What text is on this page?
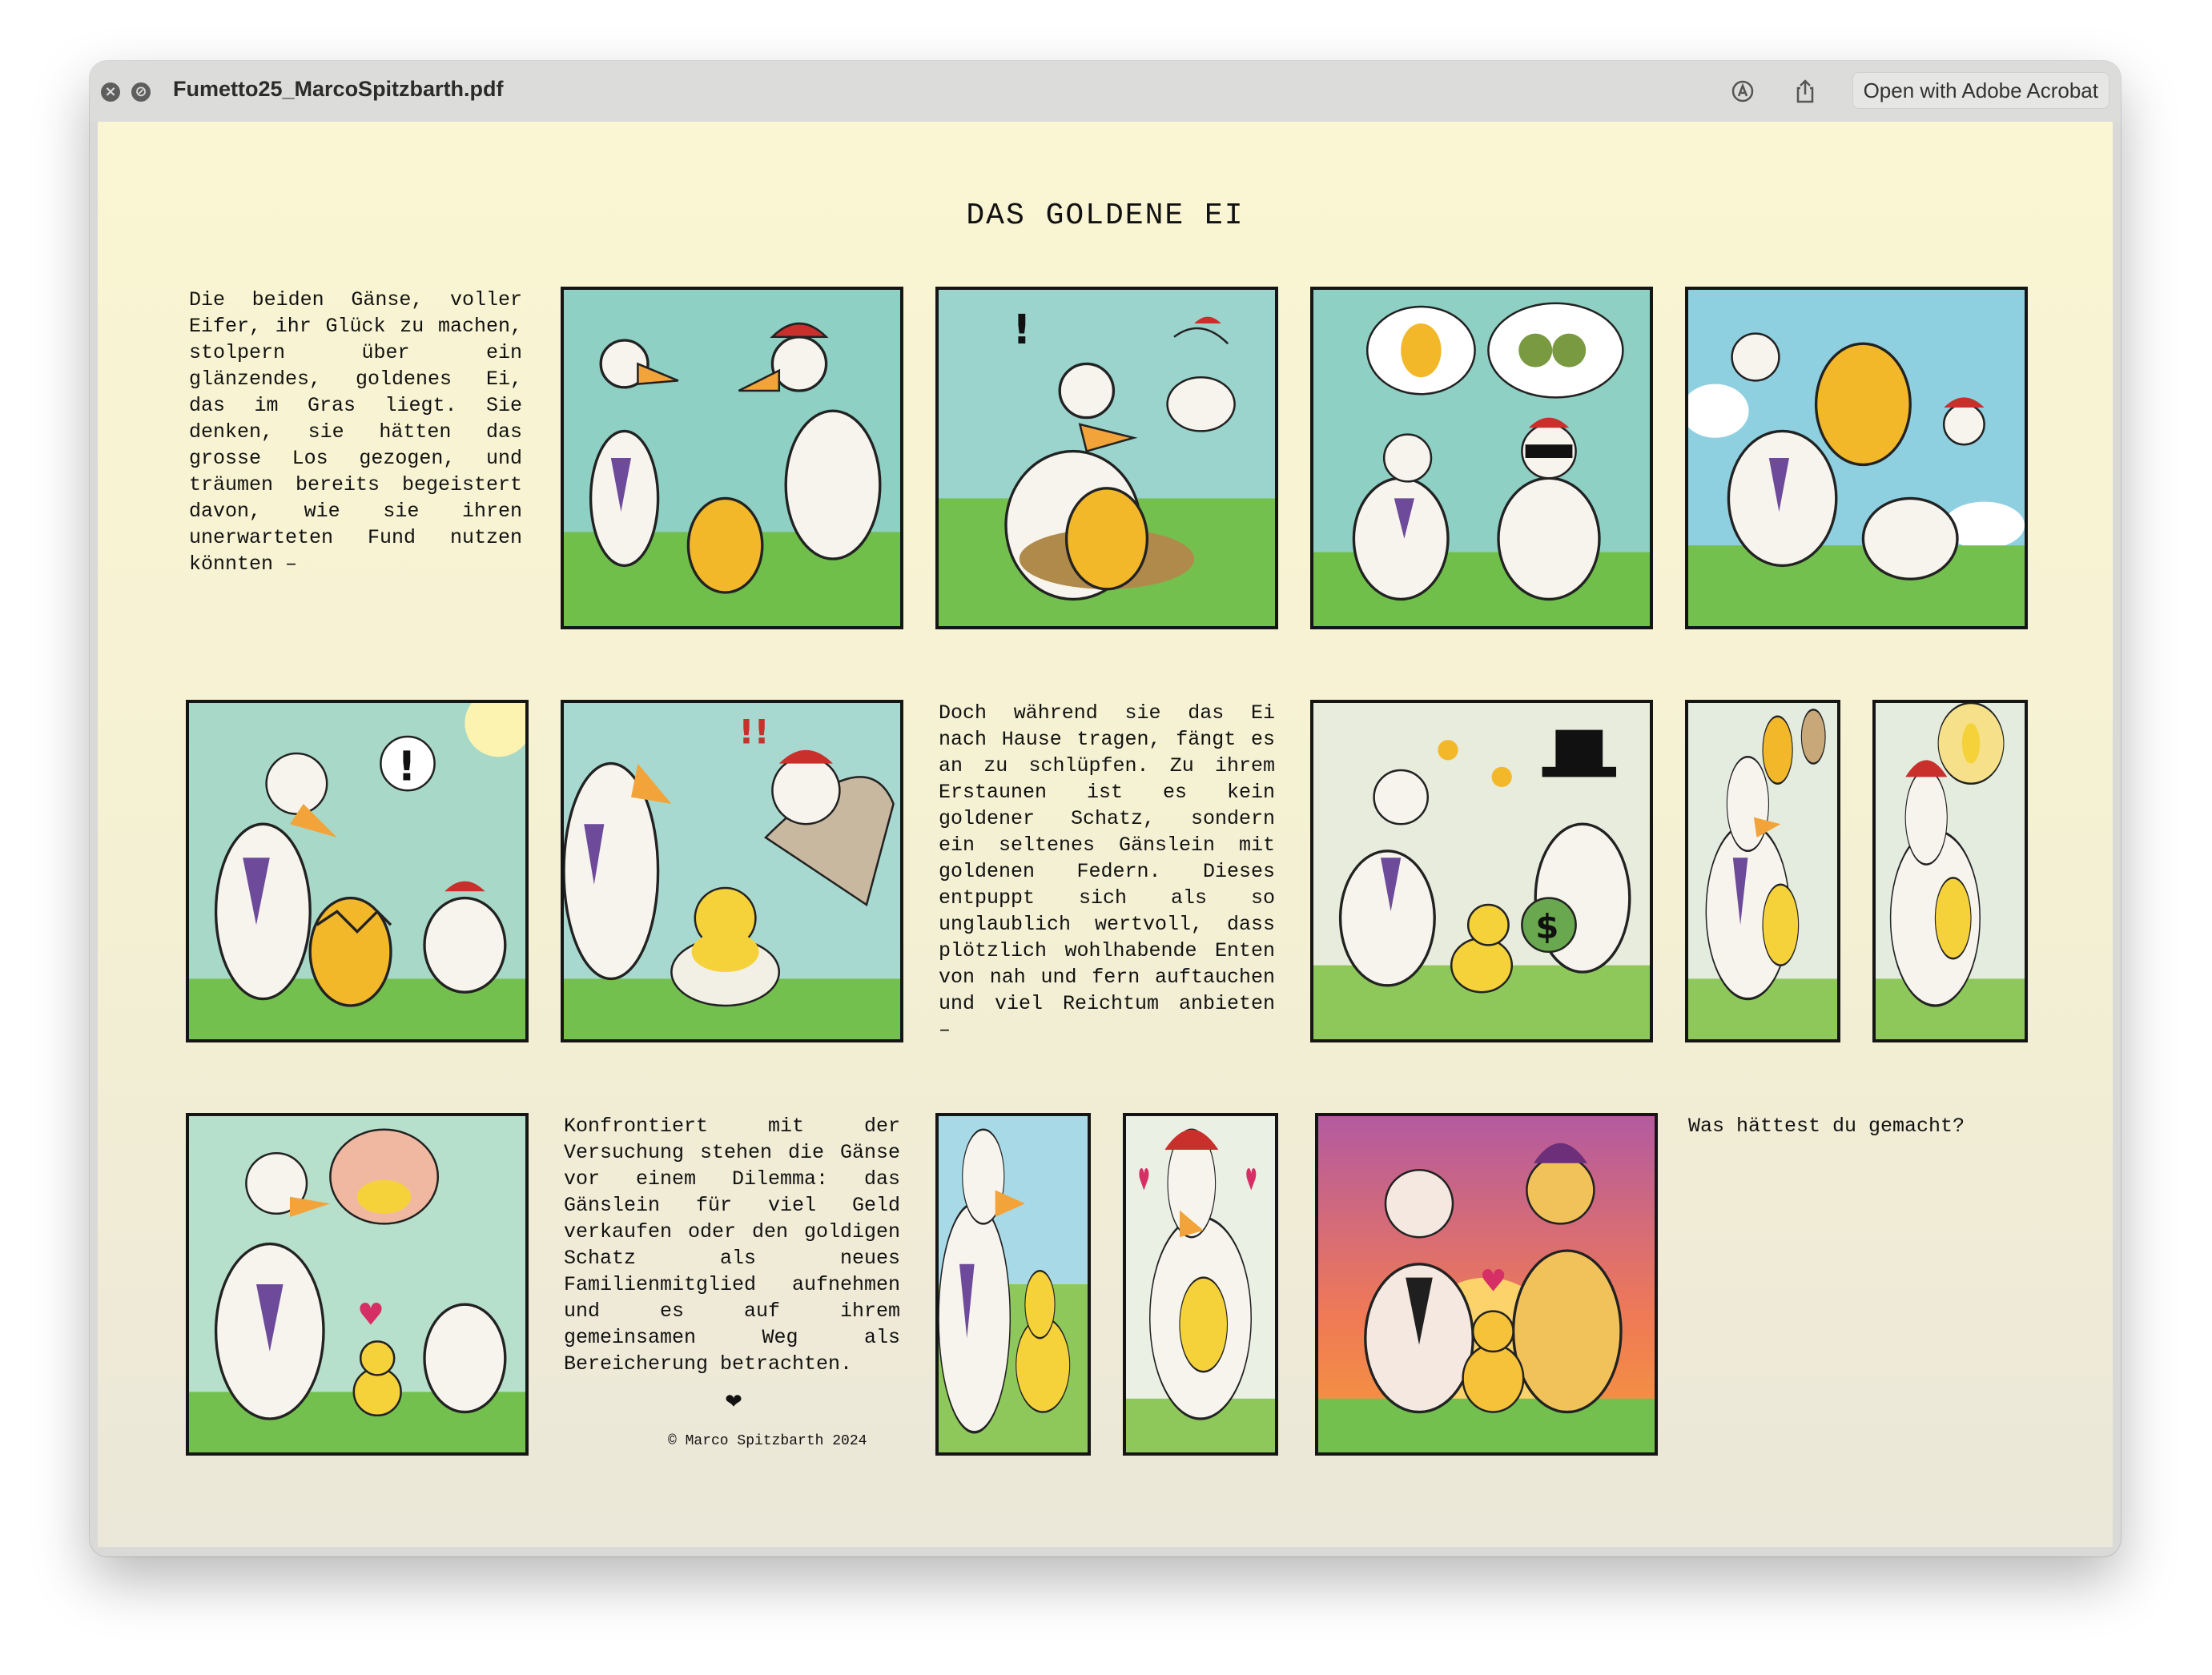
× ⊘ Fumetto25_MarcoSpitzbarth.pdf	Open with Adobe Acrobat
DAS GOLDENE EI
Die beiden Gänse, voller Eifer, ihr Glück zu machen, stolpern über ein glänzendes, goldenes Ei, das im Gras liegt. Sie denken, sie hätten das grosse Los gezogen, und träumen bereits begeistert davon, wie sie ihren unerwarteten Fund nutzen könnten –
!
!
!!	Doch während sie das Ei nach Hause tragen, fängt es an zu schlüpfen. Zu ihrem Erstaunen ist es kein goldener Schatz, sondern ein seltenes Gänslein mit goldenen Federn. Dieses entpuppt sich als so unglaublich wertvoll, dass plötzlich wohlhabende Enten von nah und fern auftauchen und viel Reichtum anbieten –
$
♥
Konfrontiert mit der Versuchung stehen die Gänse vor einem Dilemma: das Gänslein für viel Geld verkaufen oder den goldigen Schatz als neues Familienmitglied aufnehmen und es auf ihrem gemeinsamen Weg als Bereicherung betrachten.
❤
© Marco Spitzbarth 2024
♥	♥
♥
Was hättest du gemacht?
